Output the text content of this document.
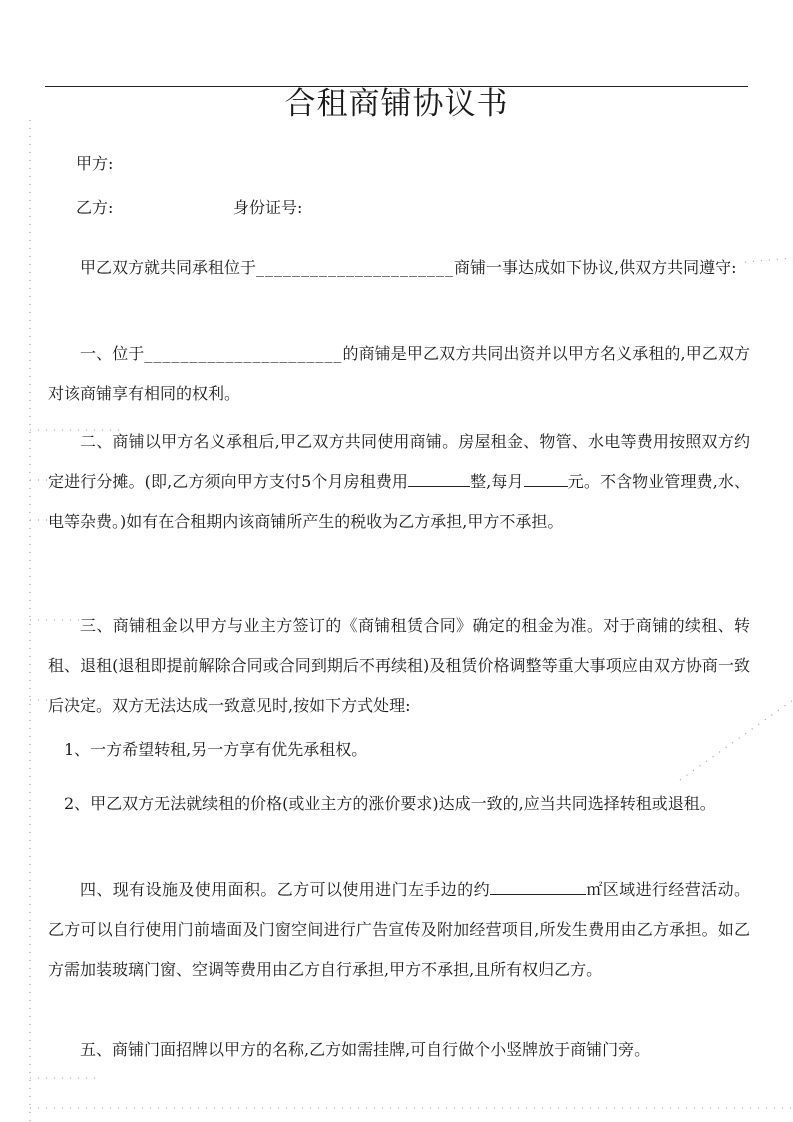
合租商铺协议书
甲方:
乙方:	身份证号:
甲乙双方就共同承租位于______________________商铺一事达成如下协议,供双方共同遵守:
一、位于______________________的商铺是甲乙双方共同出资并以甲方名义承租的,甲乙双方对该商铺享有相同的权利。
二、商铺以甲方名义承租后,甲乙双方共同使用商铺。房屋租金、物管、水电等费用按照双方约定进行分摊。(即,乙方须向甲方支付5个月房租费用	整,每月	元。不含物业管理费,水、电等杂费。)如有在合租期内该商铺所产生的税收为乙方承担,甲方不承担。
三、商铺租金以甲方与业主方签订的《商铺租赁合同》确定的租金为准。对于商铺的续租、转租、退租(退租即提前解除合同或合同到期后不再续租)及租赁价格调整等重大事项应由双方协商一致后决定。双方无法达成一致意见时,按如下方式处理:
1、一方希望转租,另一方享有优先承租权。
2、甲乙双方无法就续租的价格(或业主方的涨价要求)达成一致的,应当共同选择转租或退租。
四、现有设施及使用面积。乙方可以使用进门左手边的约	㎡区域进行经营活动。乙方可以自行使用门前墙面及门窗空间进行广告宣传及附加经营项目,所发生费用由乙方承担。如乙方需加装玻璃门窗、空调等费用由乙方自行承担,甲方不承担,且所有权归乙方。
五、商铺门面招牌以甲方的名称,乙方如需挂牌,可自行做个小竖牌放于商铺门旁。
